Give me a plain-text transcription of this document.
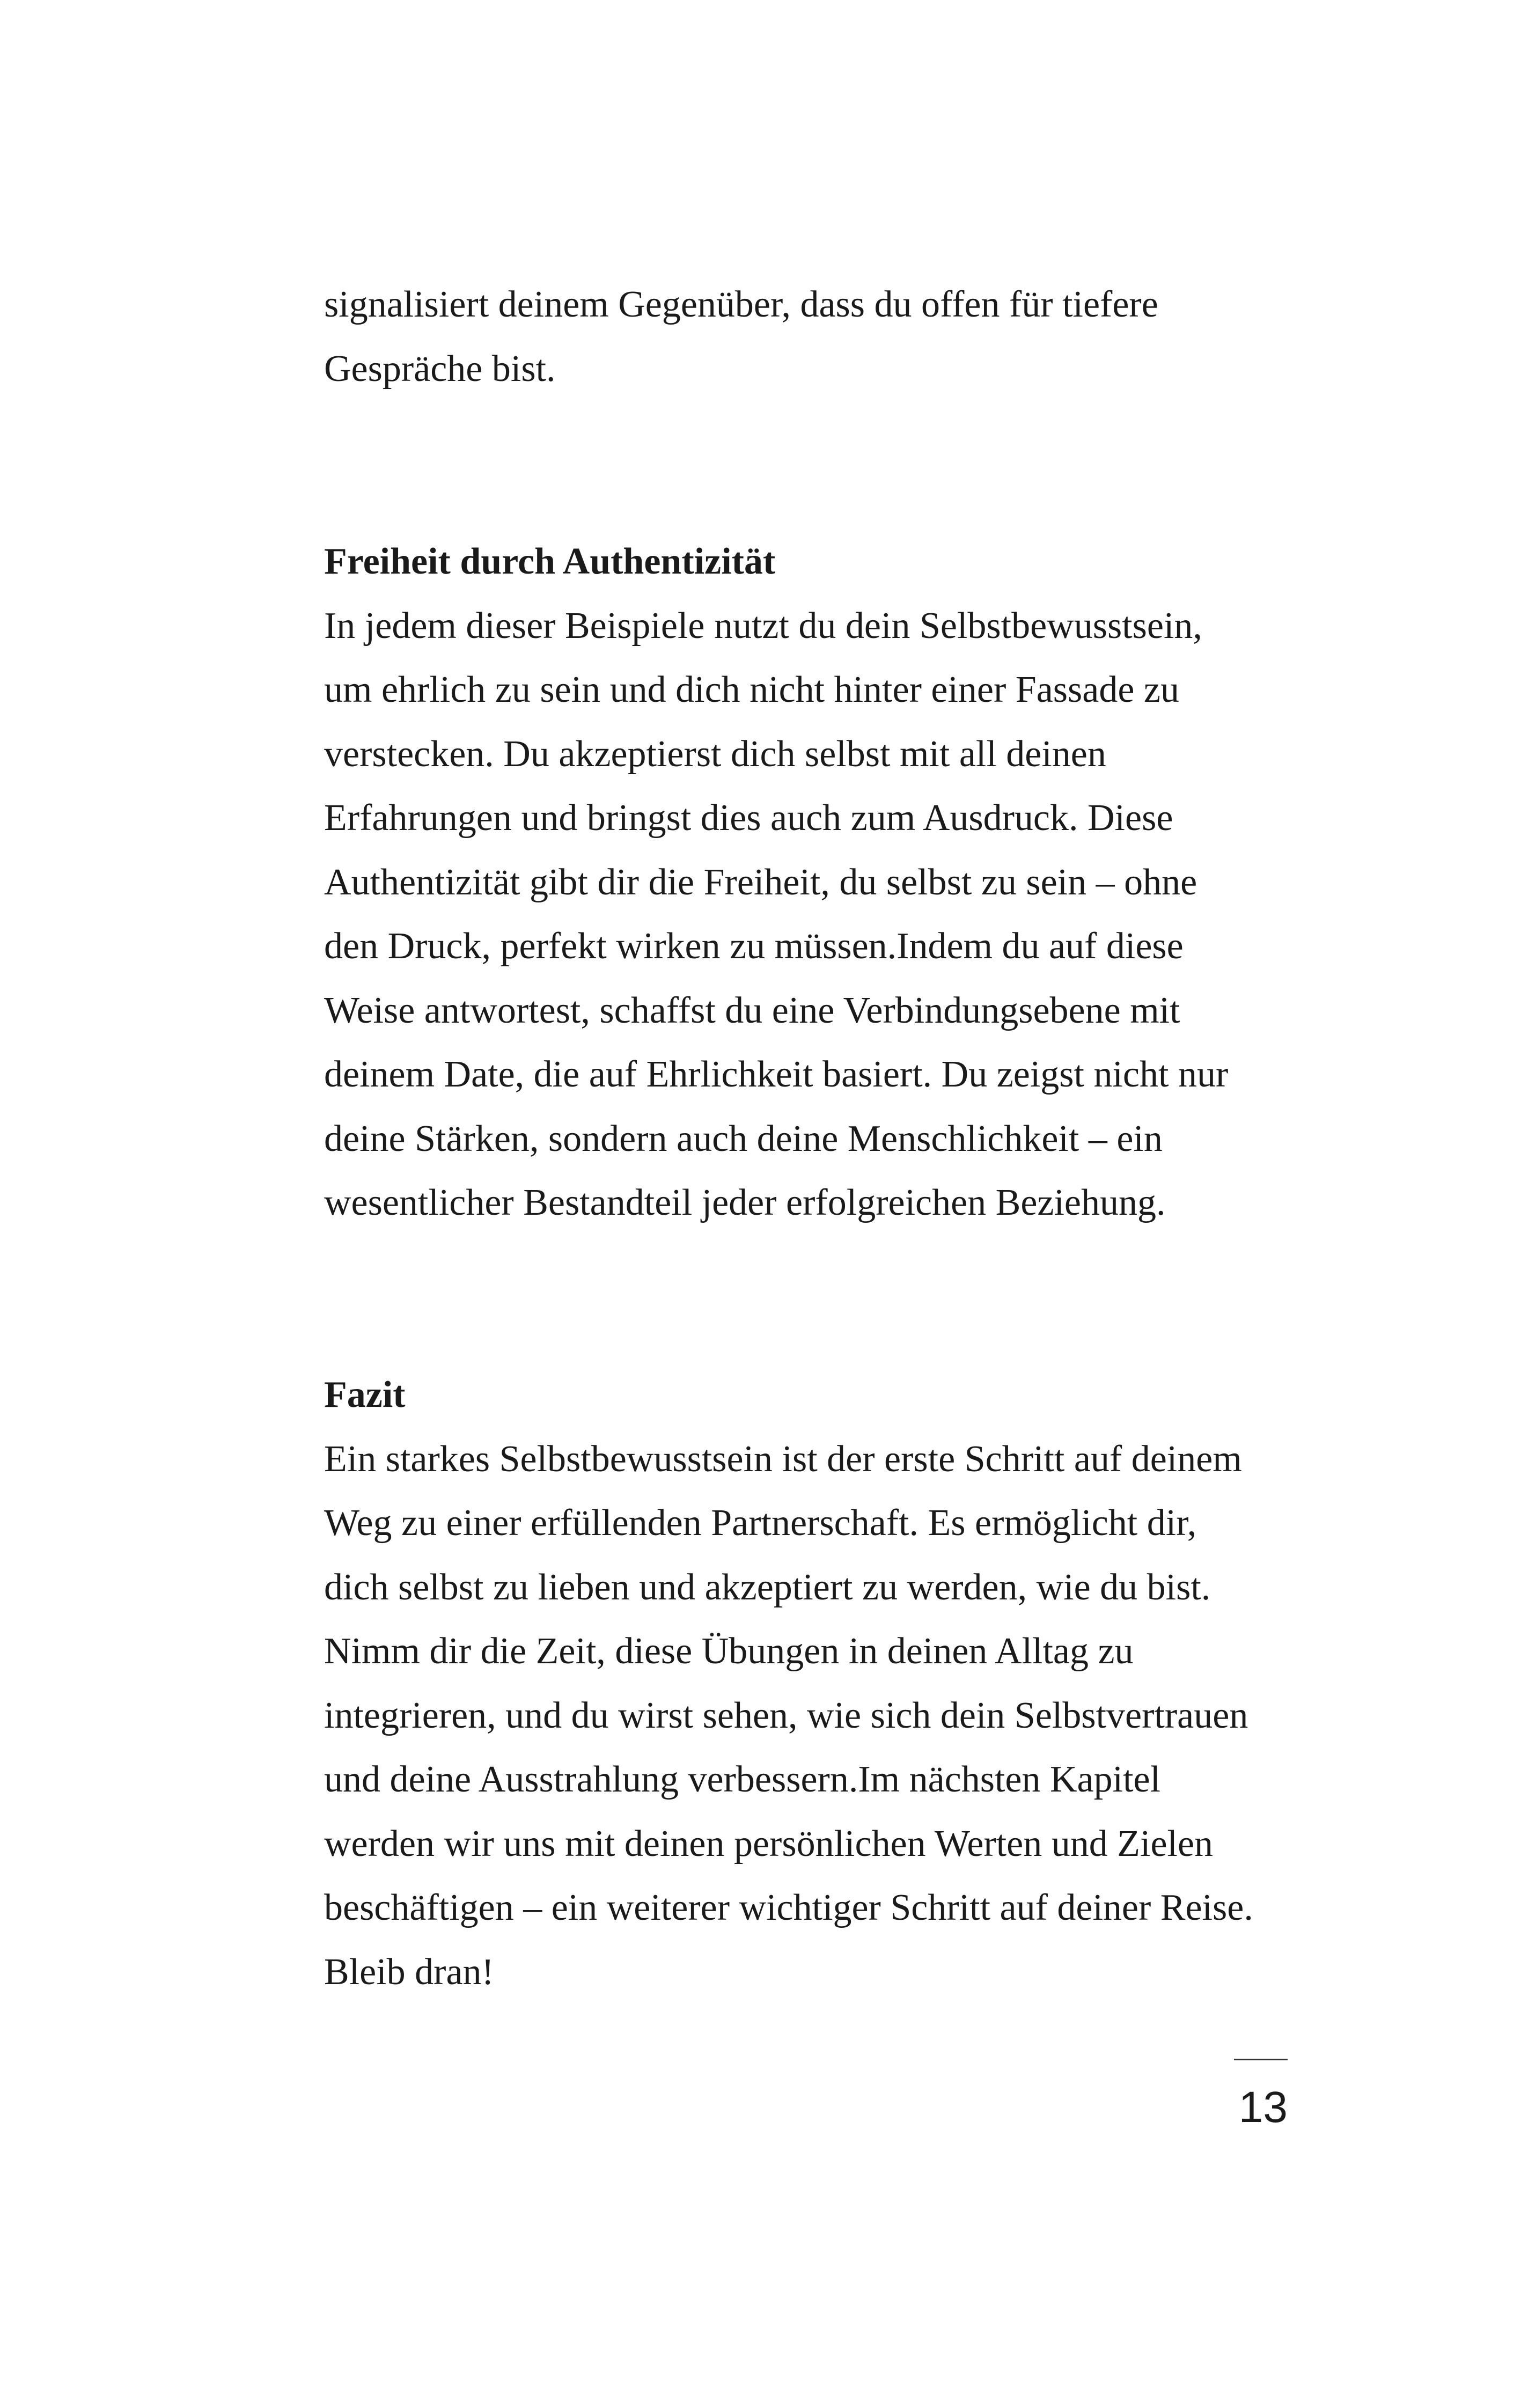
signalisiert deinem Gegenüber, dass du offen für tiefere
Gespräche bist.
Freiheit durch Authentizität
In jedem dieser Beispiele nutzt du dein Selbstbewusstsein,
um ehrlich zu sein und dich nicht hinter einer Fassade zu
verstecken. Du akzeptierst dich selbst mit all deinen
Erfahrungen und bringst dies auch zum Ausdruck. Diese
Authentizität gibt dir die Freiheit, du selbst zu sein – ohne
den Druck, perfekt wirken zu müssen.Indem du auf diese
Weise antwortest, schaffst du eine Verbindungsebene mit
deinem Date, die auf Ehrlichkeit basiert. Du zeigst nicht nur
deine Stärken, sondern auch deine Menschlichkeit – ein
wesentlicher Bestandteil jeder erfolgreichen Beziehung.
Fazit
Ein starkes Selbstbewusstsein ist der erste Schritt auf deinem
Weg zu einer erfüllenden Partnerschaft. Es ermöglicht dir,
dich selbst zu lieben und akzeptiert zu werden, wie du bist.
Nimm dir die Zeit, diese Übungen in deinen Alltag zu
integrieren, und du wirst sehen, wie sich dein Selbstvertrauen
und deine Ausstrahlung verbessern.Im nächsten Kapitel
werden wir uns mit deinen persönlichen Werten und Zielen
beschäftigen – ein weiterer wichtiger Schritt auf deiner Reise.
Bleib dran!
13
